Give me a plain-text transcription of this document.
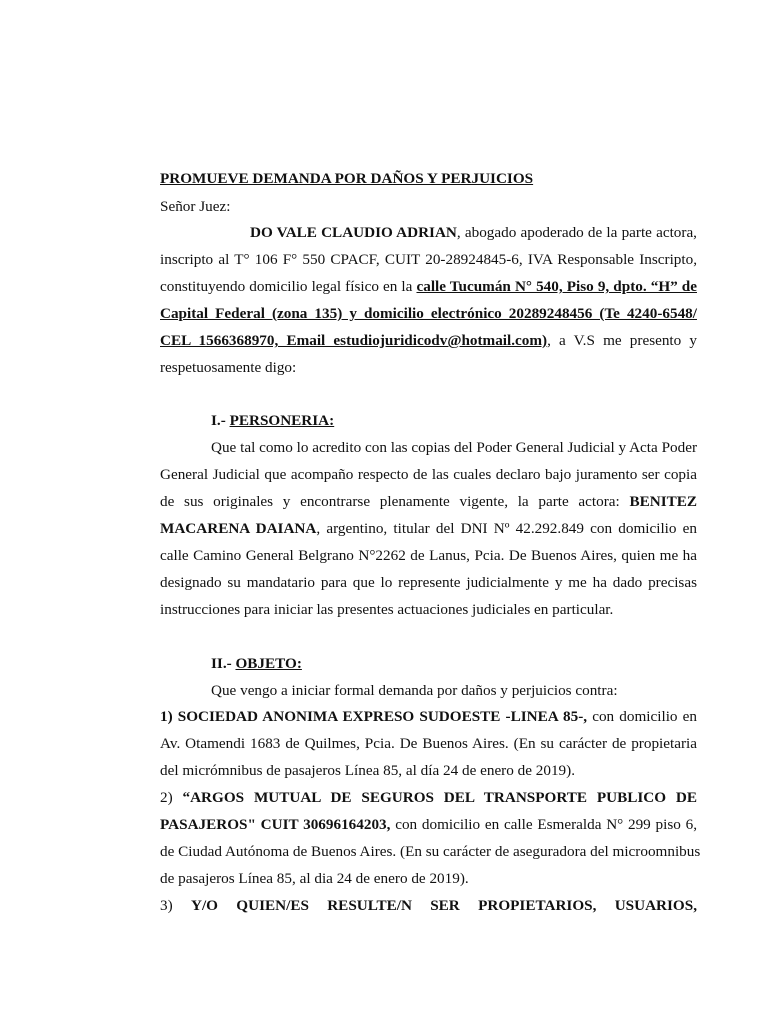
PROMUEVE DEMANDA POR DAÑOS Y PERJUICIOS
Señor Juez:
DO VALE CLAUDIO ADRIAN, abogado apoderado de la parte actora,
inscripto al T° 106 F° 550 CPACF, CUIT 20-28924845-6, IVA Responsable Inscripto,
constituyendo domicilio legal físico en la calle Tucumán N° 540, Piso 9, dpto. “H” de
Capital Federal (zona 135) y domicilio electrónico 20289248456 (Te 4240-6548/
CEL 1566368970, Email estudiojuridicodv@hotmail.com), a V.S me presento y
respetuosamente digo:
I.- PERSONERIA:
Que tal como lo acredito con las copias del Poder General Judicial y Acta Poder
General Judicial que acompaño respecto de las cuales declaro bajo juramento ser copia
de sus originales y encontrarse plenamente vigente, la parte actora: BENITEZ
MACARENA DAIANA, argentino, titular del DNI Nº 42.292.849 con domicilio en
calle Camino General Belgrano N°2262 de Lanus, Pcia. De Buenos Aires, quien me ha
designado su mandatario para que lo represente judicialmente y me ha dado precisas
instrucciones para iniciar las presentes actuaciones judiciales en particular.
II.- OBJETO:
Que vengo a iniciar formal demanda por daños y perjuicios contra:
1) SOCIEDAD ANONIMA EXPRESO SUDOESTE -LINEA 85-, con domicilio en
Av. Otamendi 1683 de Quilmes, Pcia. De Buenos Aires. (En su carácter de propietaria
del micrómnibus de pasajeros Línea 85, al día 24 de enero de 2019).
2) “ARGOS MUTUAL DE SEGUROS DEL TRANSPORTE PUBLICO DE
PASAJEROS" CUIT 30696164203, con domicilio en calle Esmeralda N° 299 piso 6,
de Ciudad Autónoma de Buenos Aires. (En su carácter de aseguradora del microomnibus
de pasajeros Línea 85, al dia 24 de enero de 2019).
3) Y/O QUIEN/ES RESULTE/N SER PROPIETARIOS, USUARIOS,
